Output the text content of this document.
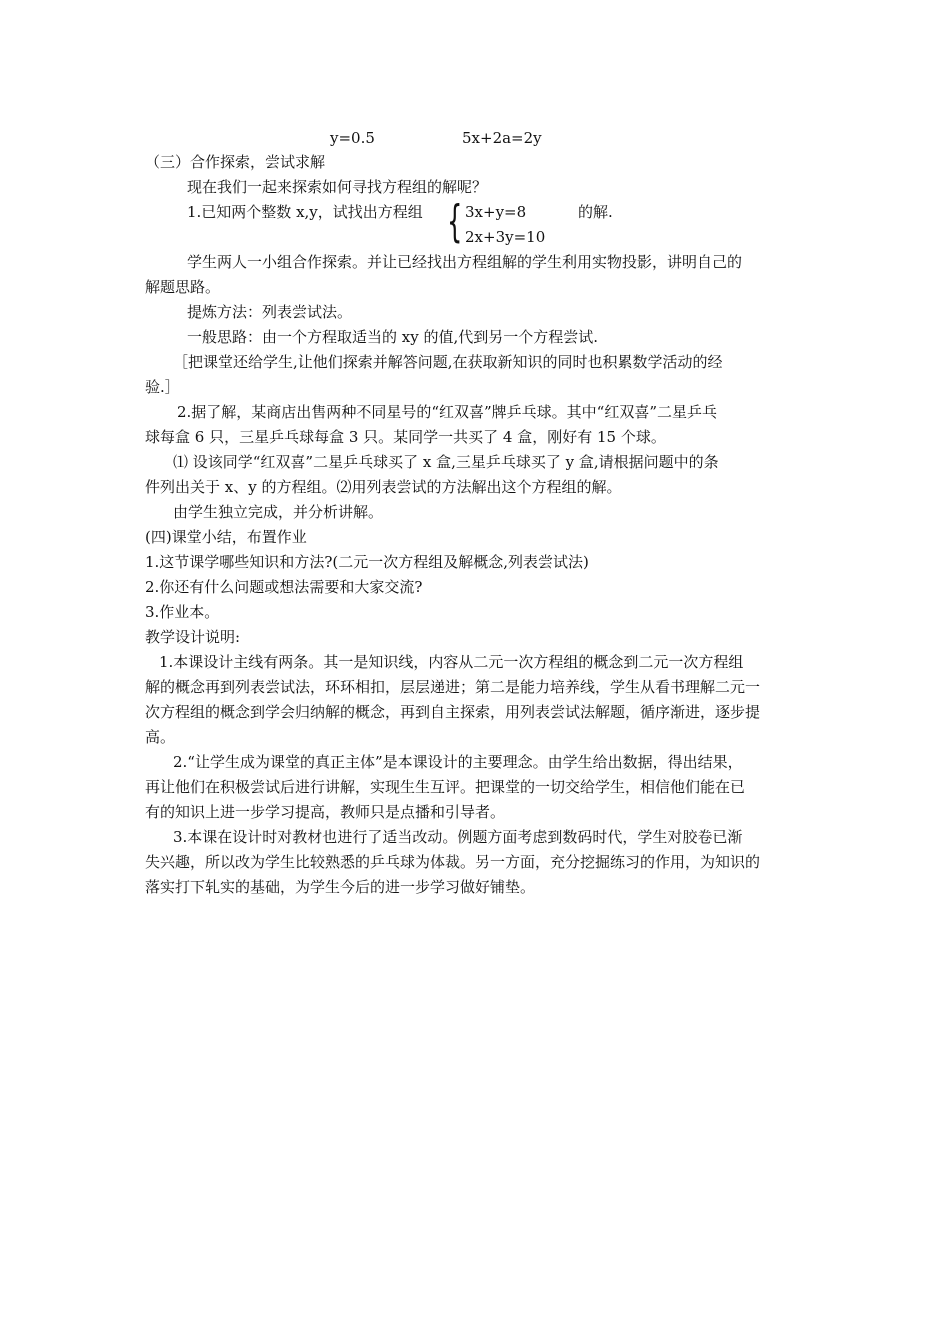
y=0.5	5x+2a=2y
（三）合作探索，尝试求解
现在我们一起来探索如何寻找方程组的解呢？
1.已知两个整数 x,y，试找出方程组 { 3x+y=8	的解.
2x+3y=10
学生两人一小组合作探索。并让已经找出方程组解的学生利用实物投影，讲明自己的
解题思路。
提炼方法：列表尝试法。
一般思路：由一个方程取适当的 xy 的值,代到另一个方程尝试.
［把课堂还给学生,让他们探索并解答问题,在获取新知识的同时也积累数学活动的经
验.］
2.据了解，某商店出售两种不同星号的“红双喜”牌乒乓球。其中“红双喜”二星乒乓
球每盒 6 只，三星乒乓球每盒 3 只。某同学一共买了 4 盒，刚好有 15 个球。
⑴ 设该同学“红双喜”二星乒乓球买了 x 盒,三星乒乓球买了 y 盒,请根据问题中的条
件列出关于 x、y 的方程组。⑵用列表尝试的方法解出这个方程组的解。
由学生独立完成，并分析讲解。
(四)课堂小结，布置作业
1.这节课学哪些知识和方法?(二元一次方程组及解概念,列表尝试法)
2.你还有什么问题或想法需要和大家交流?
3.作业本。
教学设计说明:
1.本课设计主线有两条。其一是知识线，内容从二元一次方程组的概念到二元一次方程组
解的概念再到列表尝试法，环环相扣，层层递进；第二是能力培养线，学生从看书理解二元一
次方程组的概念到学会归纳解的概念，再到自主探索，用列表尝试法解题，循序渐进，逐步提
高。
2.“让学生成为课堂的真正主体”是本课设计的主要理念。由学生给出数据，得出结果，
再让他们在积极尝试后进行讲解，实现生生互评。把课堂的一切交给学生，相信他们能在已
有的知识上进一步学习提高，教师只是点播和引导者。
3.本课在设计时对教材也进行了适当改动。例题方面考虑到数码时代，学生对胶卷已渐
失兴趣，所以改为学生比较熟悉的乒乓球为体裁。另一方面，充分挖掘练习的作用，为知识的
落实打下轧实的基础，为学生今后的进一步学习做好铺垫。
